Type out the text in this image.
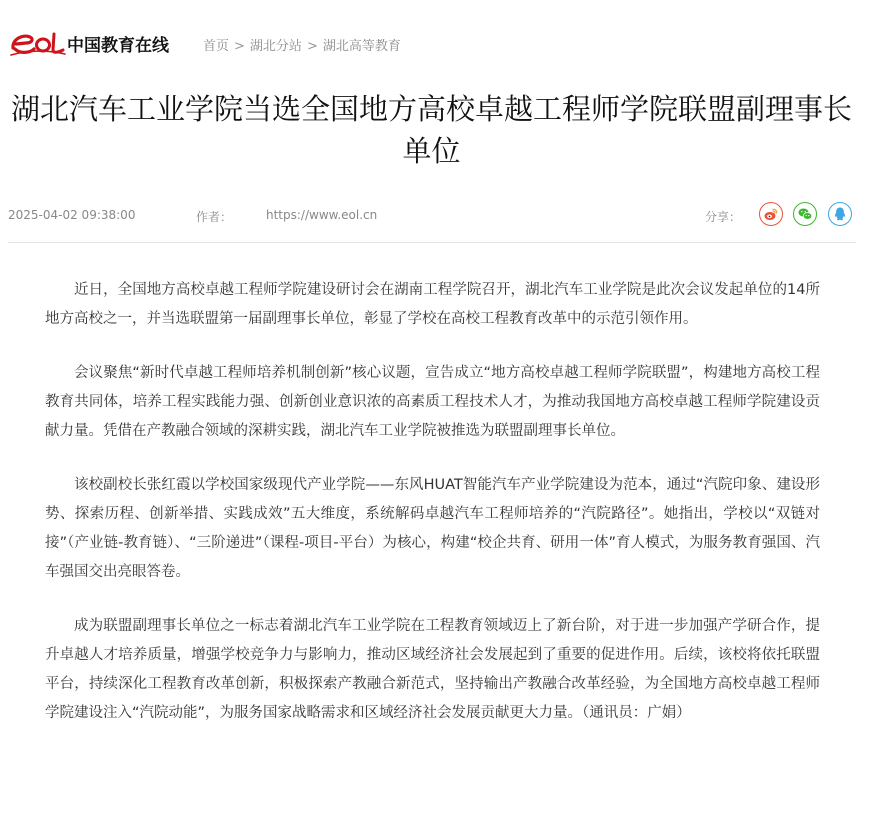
中国教育在线	首页 > 湖北分站 > 湖北高等教育
湖北汽车工业学院当选全国地方高校卓越工程师学院联盟副理事长单位
2025-04-02 09:38:00	作者：	https://www.eol.cn	分享：

近日，全国地方高校卓越工程师学院建设研讨会在湖南工程学院召开，湖北汽车工业学院是此次会议发起单位的14所地方高校之一，并当选联盟第一届副理事长单位，彰显了学校在高校工程教育改革中的示范引领作用。

会议聚焦“新时代卓越工程师培养机制创新”核心议题，宣告成立“地方高校卓越工程师学院联盟”，构建地方高校工程教育共同体，培养工程实践能力强、创新创业意识浓的高素质工程技术人才，为推动我国地方高校卓越工程师学院建设贡献力量。凭借在产教融合领域的深耕实践，湖北汽车工业学院被推选为联盟副理事长单位。

该校副校长张红霞以学校国家级现代产业学院——东风HUAT智能汽车产业学院建设为范本，通过“汽院印象、建设形势、探索历程、创新举措、实践成效”五大维度，系统解码卓越汽车工程师培养的“汽院路径”。她指出，学校以“双链对接”（产业链-教育链）、“三阶递进”（课程-项目-平台）为核心，构建“校企共育、研用一体”育人模式，为服务教育强国、汽车强国交出亮眼答卷。

成为联盟副理事长单位之一标志着湖北汽车工业学院在工程教育领域迈上了新台阶，对于进一步加强产学研合作，提升卓越人才培养质量，增强学校竞争力与影响力，推动区域经济社会发展起到了重要的促进作用。后续，该校将依托联盟平台，持续深化工程教育改革创新，积极探索产教融合新范式，坚持输出产教融合改革经验，为全国地方高校卓越工程师学院建设注入“汽院动能”，为服务国家战略需求和区域经济社会发展贡献更大力量。（通讯员：广娟）
